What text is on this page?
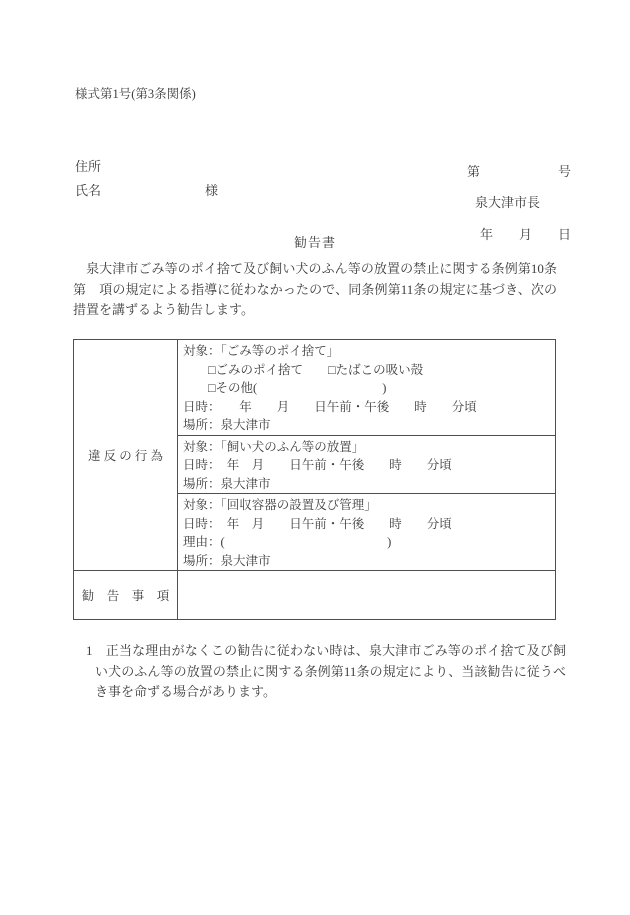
様式第1号(第3条関係)

第　　　　　　号

年　　月　　日

住所
氏名	様
泉大津市長
勧告書
　泉大津市ごみ等のポイ捨て及び飼い犬のふん等の放置の禁止に関する条例第10条第　項の規定による指導に従わなかったので、同条例第11条の規定に基づき、次の措置を講ずるよう勧告します。
違 反 の 行 為
対象：「ごみ等のポイ捨て」
　　□ごみのポイ捨て　　□たばこの吸い殻
　　□その他(　　　　　　　　　　)
日時：　　年　　月　　日午前・午後　　時　　分頃
場所：泉大津市
対象：「飼い犬のふん等の放置」
日時：　年　月　　日午前・午後　　時　　分頃
場所：泉大津市
対象：「回収容器の設置及び管理」
日時：　年　月　　日午前・午後　　時　　分頃
理由：(　　　　　　　　　　　　　)
場所：泉大津市
勧　告　事　項
1　正当な理由がなくこの勧告に従わない時は、泉大津市ごみ等のポイ捨て及び飼い犬のふん等の放置の禁止に関する条例第11条の規定により、当該勧告に従うべき事を命ずる場合があります。
